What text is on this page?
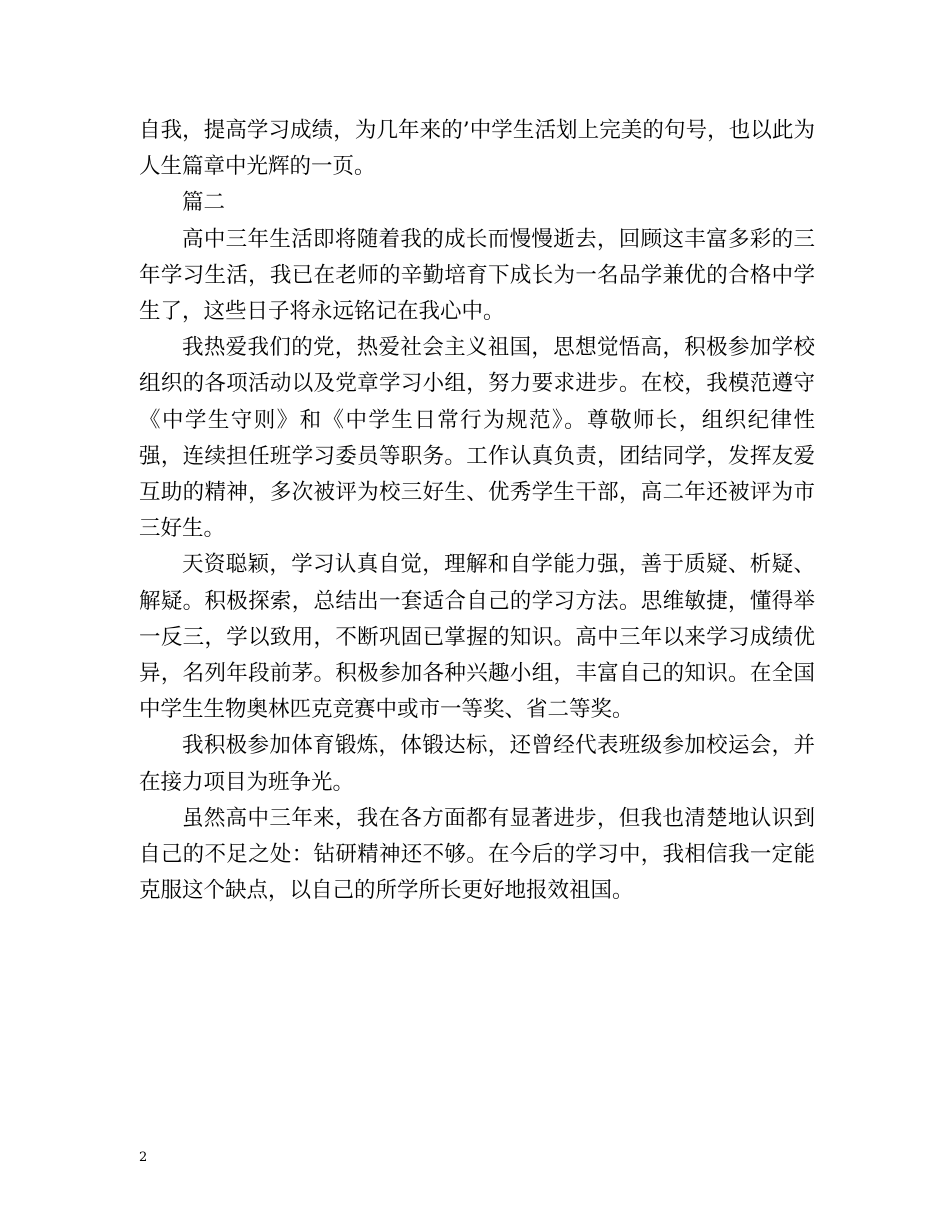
自我，提高学习成绩，为几年来的’中学生活划上完美的句号，也以此为人生篇章中光辉的一页。

篇二

高中三年生活即将随着我的成长而慢慢逝去，回顾这丰富多彩的三年学习生活，我已在老师的辛勤培育下成长为一名品学兼优的合格中学生了，这些日子将永远铭记在我心中。

我热爱我们的党，热爱社会主义祖国，思想觉悟高，积极参加学校组织的各项活动以及党章学习小组，努力要求进步。在校，我模范遵守《中学生守则》和《中学生日常行为规范》。尊敬师长，组织纪律性强，连续担任班学习委员等职务。工作认真负责，团结同学，发挥友爱互助的精神，多次被评为校三好生、优秀学生干部，高二年还被评为市三好生。

天资聪颖，学习认真自觉，理解和自学能力强，善于质疑、析疑、解疑。积极探索，总结出一套适合自己的学习方法。思维敏捷，懂得举一反三，学以致用，不断巩固已掌握的知识。高中三年以来学习成绩优异，名列年段前茅。积极参加各种兴趣小组，丰富自己的知识。在全国中学生生物奥林匹克竞赛中或市一等奖、省二等奖。

我积极参加体育锻炼，体锻达标，还曾经代表班级参加校运会，并在接力项目为班争光。

虽然高中三年来，我在各方面都有显著进步，但我也清楚地认识到自己的不足之处：钻研精神还不够。在今后的学习中，我相信我一定能克服这个缺点，以自己的所学所长更好地报效祖国。

2
